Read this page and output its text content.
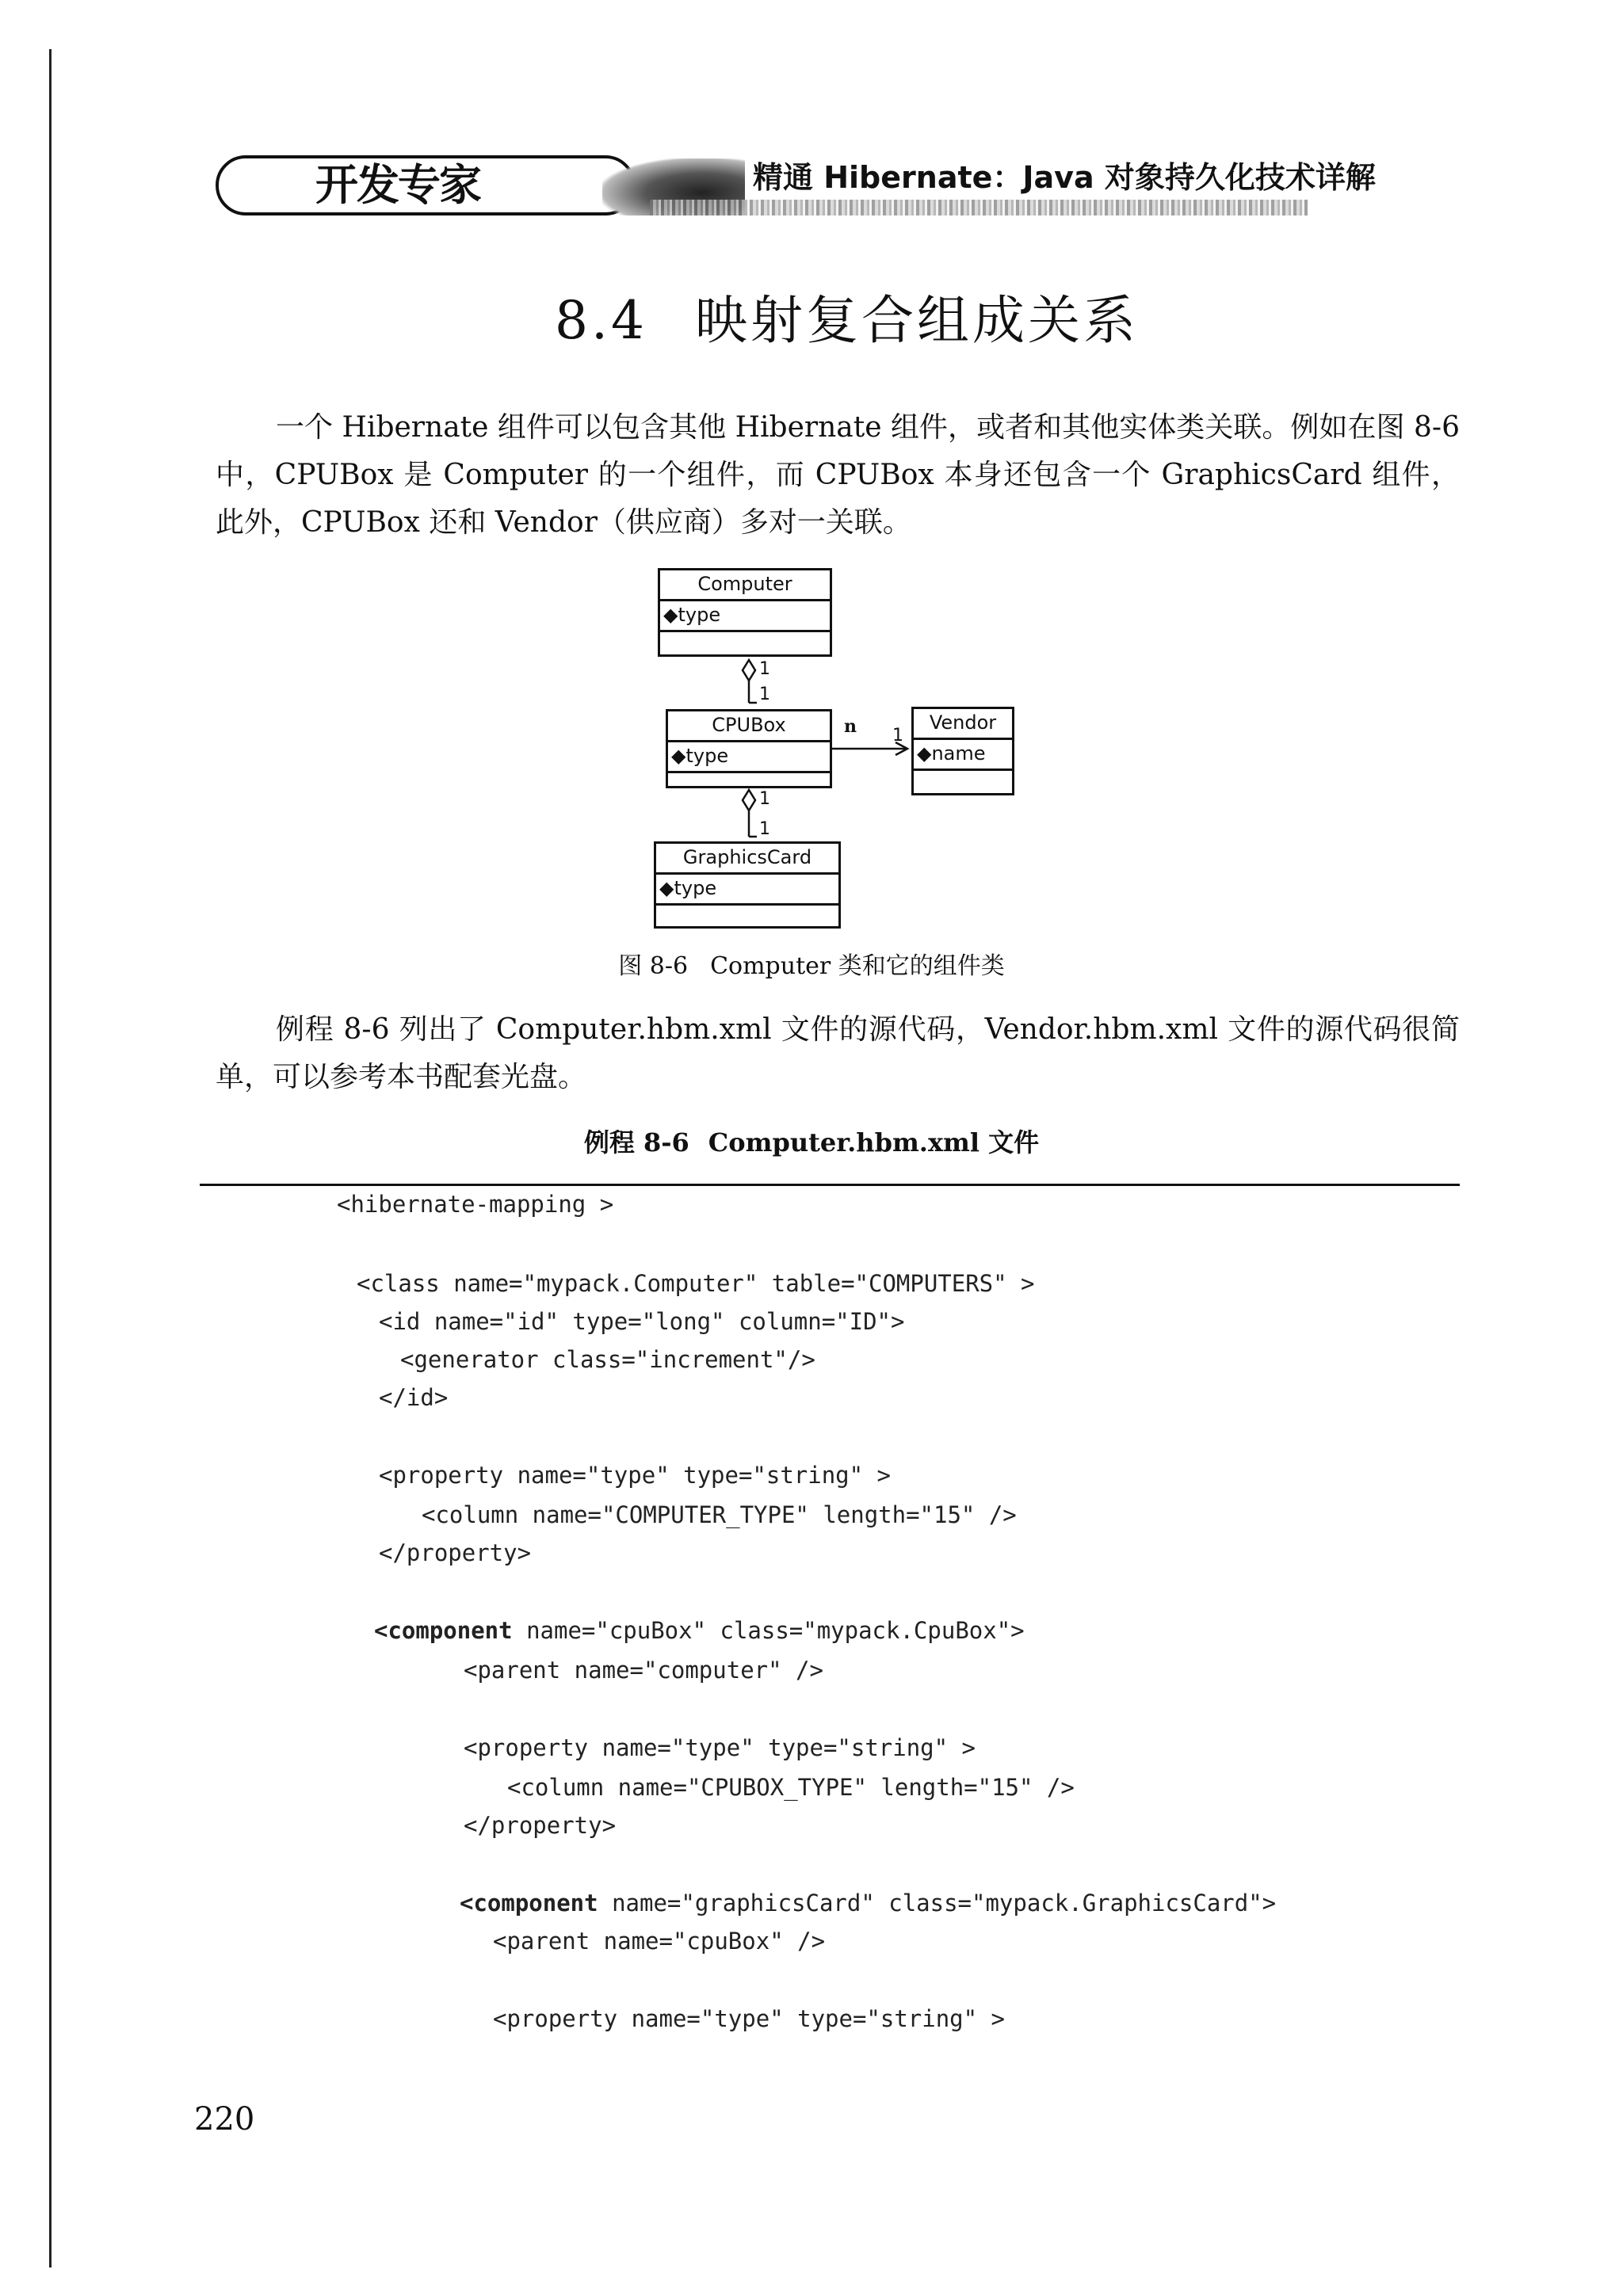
开发专家	精通 Hibernate：Java 对象持久化技术详解
8.4 映射复合组成关系
一个 Hibernate 组件可以包含其他 Hibernate 组件，或者和其他实体类关联。例如在图 8-6 中，CPUBox 是 Computer 的一个组件，而 CPUBox 本身还包含一个 GraphicsCard 组件，此外，CPUBox 还和 Vendor（供应商）多对一关联。
Computer
◆type
CPUBox
◆type
Vendor
◆name
GraphicsCard
◆type
1
1
1
1
n 1
图 8-6 Computer 类和它的组件类
例程 8-6 列出了 Computer.hbm.xml 文件的源代码，Vendor.hbm.xml 文件的源代码很简单，可以参考本书配套光盘。
例程 8-6 Computer.hbm.xml 文件
<hibernate-mapping >
<class name="mypack.Computer" table="COMPUTERS" >
<id name="id" type="long" column="ID">
<generator class="increment"/>
</id>
<property name="type" type="string" >
<column name="COMPUTER_TYPE" length="15" />
</property>
<component name="cpuBox" class="mypack.CpuBox">
<parent name="computer" />
<property name="type" type="string" >
<column name="CPUBOX_TYPE" length="15" />
</property>
<component name="graphicsCard" class="mypack.GraphicsCard">
<parent name="cpuBox" />
<property name="type" type="string" >
220
